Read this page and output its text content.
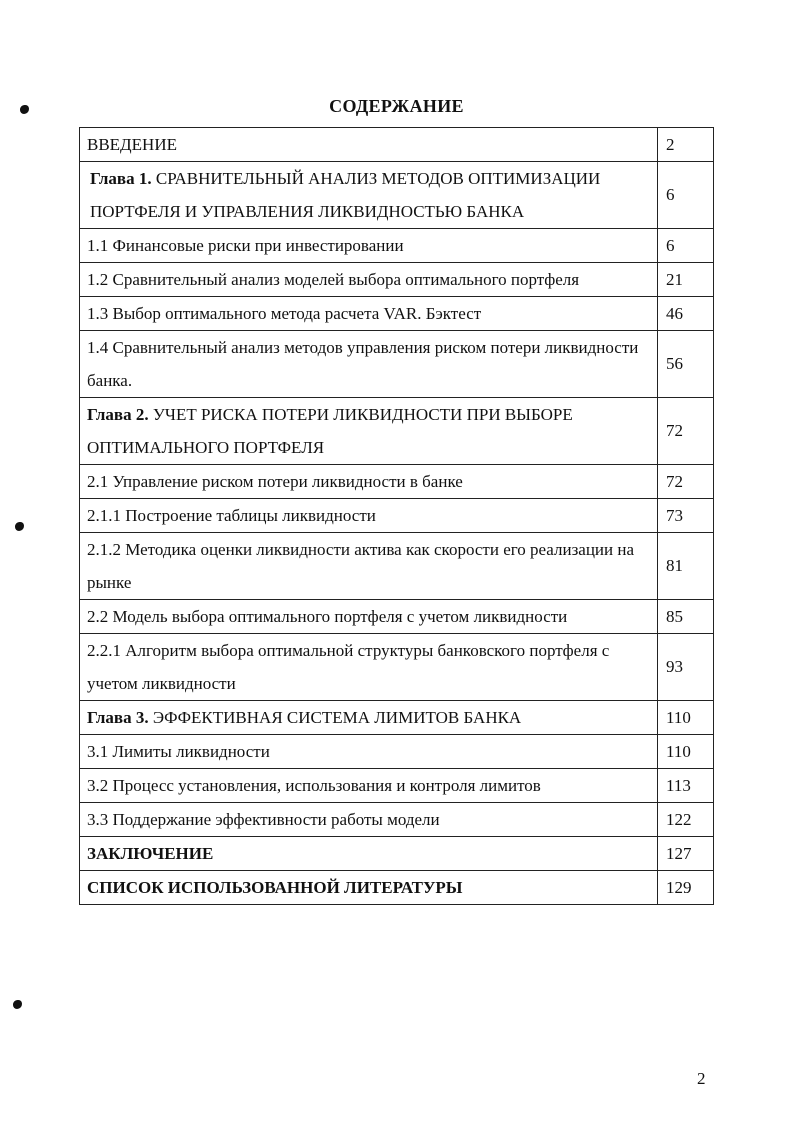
СОДЕРЖАНИЕ
ВВЕДЕНИЕ	2
Глава 1. СРАВНИТЕЛЬНЫЙ АНАЛИЗ МЕТОДОВ ОПТИМИЗАЦИИ ПОРТФЕЛЯ И УПРАВЛЕНИЯ ЛИКВИДНОСТЬЮ БАНКА	6
1.1 Финансовые риски при инвестировании	6
1.2 Сравнительный анализ моделей выбора оптимального портфеля	21
1.3 Выбор оптимального метода расчета VAR. Бэктест	46
1.4 Сравнительный анализ методов управления риском потери ликвидности банка.	56
Глава 2. УЧЕТ РИСКА ПОТЕРИ ЛИКВИДНОСТИ ПРИ ВЫБОРЕ ОПТИМАЛЬНОГО ПОРТФЕЛЯ	72
2.1 Управление риском потери ликвидности в банке	72
2.1.1 Построение таблицы ликвидности	73
2.1.2 Методика оценки ликвидности актива как скорости его реализации на рынке	81
2.2 Модель выбора оптимального портфеля с учетом ликвидности	85
2.2.1 Алгоритм выбора оптимальной структуры банковского портфеля с учетом ликвидности	93
Глава 3. ЭФФЕКТИВНАЯ СИСТЕМА ЛИМИТОВ БАНКА	110
3.1 Лимиты ликвидности	110
3.2 Процесс установления, использования и контроля лимитов	113
3.3 Поддержание эффективности работы модели	122
ЗАКЛЮЧЕНИЕ	127
СПИСОК ИСПОЛЬЗОВАННОЙ ЛИТЕРАТУРЫ	129
2
